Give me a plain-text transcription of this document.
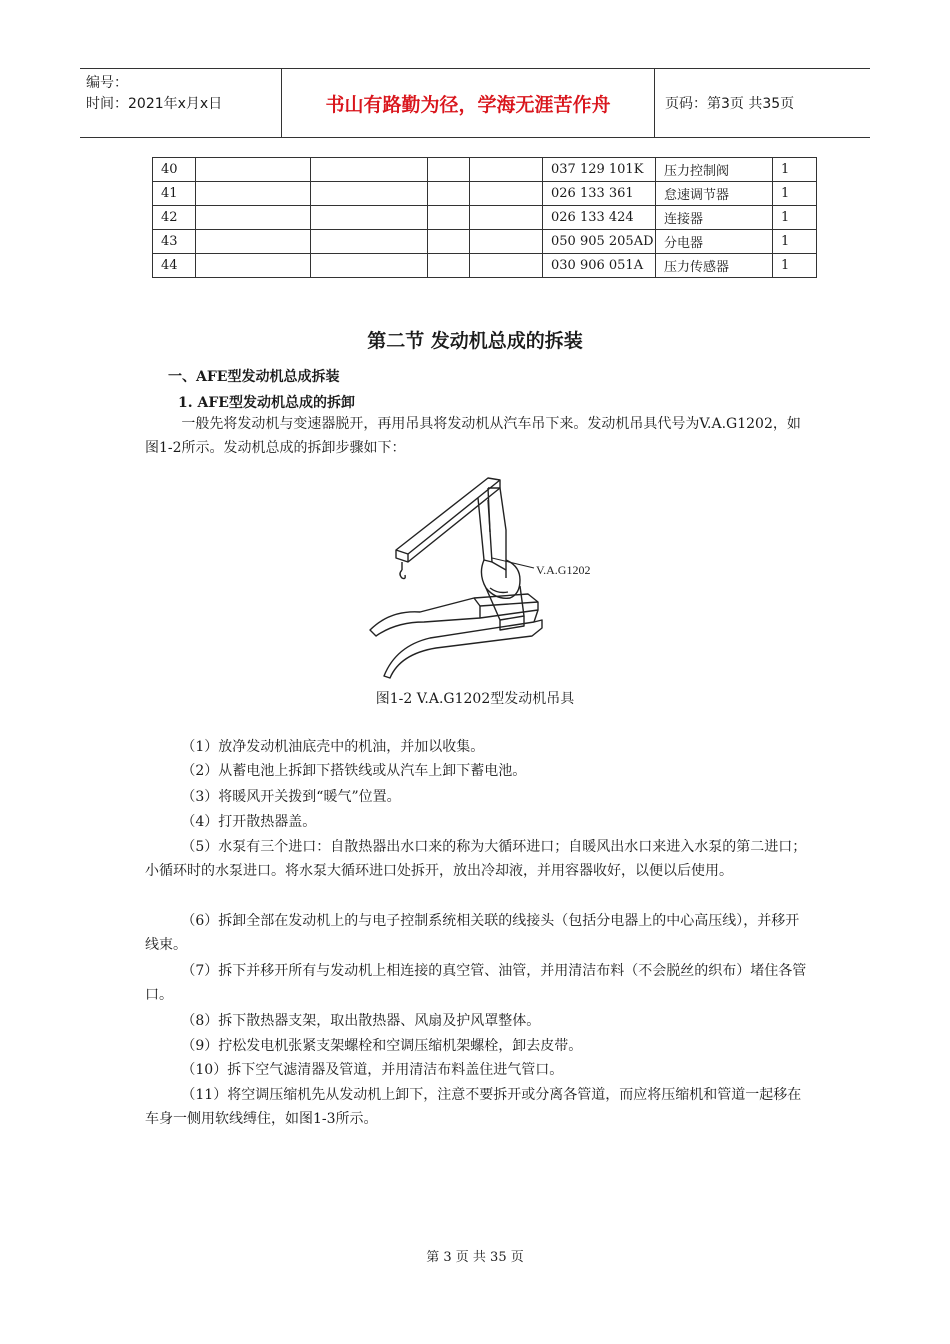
编号：
时间：2021年x月x日	书山有路勤为径，学海无涯苦作舟	页码：第3页 共35页
40					037 129 101K	压力控制阀	1
41					026 133 361	怠速调节器	1
42					026 133 424	连接器	1
43					050 905 205AD	分电器	1
44					030 906 051A	压力传感器	1
第二节 发动机总成的拆装
一、AFE型发动机总成拆装
1. AFE型发动机总成的拆卸
一般先将发动机与变速器脱开，再用吊具将发动机从汽车吊下来。发动机吊具代号为V.A.G1202，如图1-2所示。发动机总成的拆卸步骤如下：
V.A.G1202
图1-2 V.A.G1202型发动机吊具
（1）放净发动机油底壳中的机油，并加以收集。
（2）从蓄电池上拆卸下搭铁线或从汽车上卸下蓄电池。
（3）将暖风开关拨到“暖气”位置。
（4）打开散热器盖。
（5）水泵有三个进口：自散热器出水口来的称为大循环进口；自暖风出水口来进入水泵的第二进口；小循环时的水泵进口。将水泵大循环进口处拆开，放出冷却液，并用容器收好，以便以后使用。
（6）拆卸全部在发动机上的与电子控制系统相关联的线接头（包括分电器上的中心高压线），并移开线束。
（7）拆下并移开所有与发动机上相连接的真空管、油管，并用清洁布料（不会脱丝的织布）堵住各管口。
（8）拆下散热器支架，取出散热器、风扇及护风罩整体。
（9）拧松发电机张紧支架螺栓和空调压缩机架螺栓，卸去皮带。
（10）拆下空气滤清器及管道，并用清洁布料盖住进气管口。
（11）将空调压缩机先从发动机上卸下，注意不要拆开或分离各管道，而应将压缩机和管道一起移在车身一侧用软线缚住，如图1-3所示。
第 3 页 共 35 页
